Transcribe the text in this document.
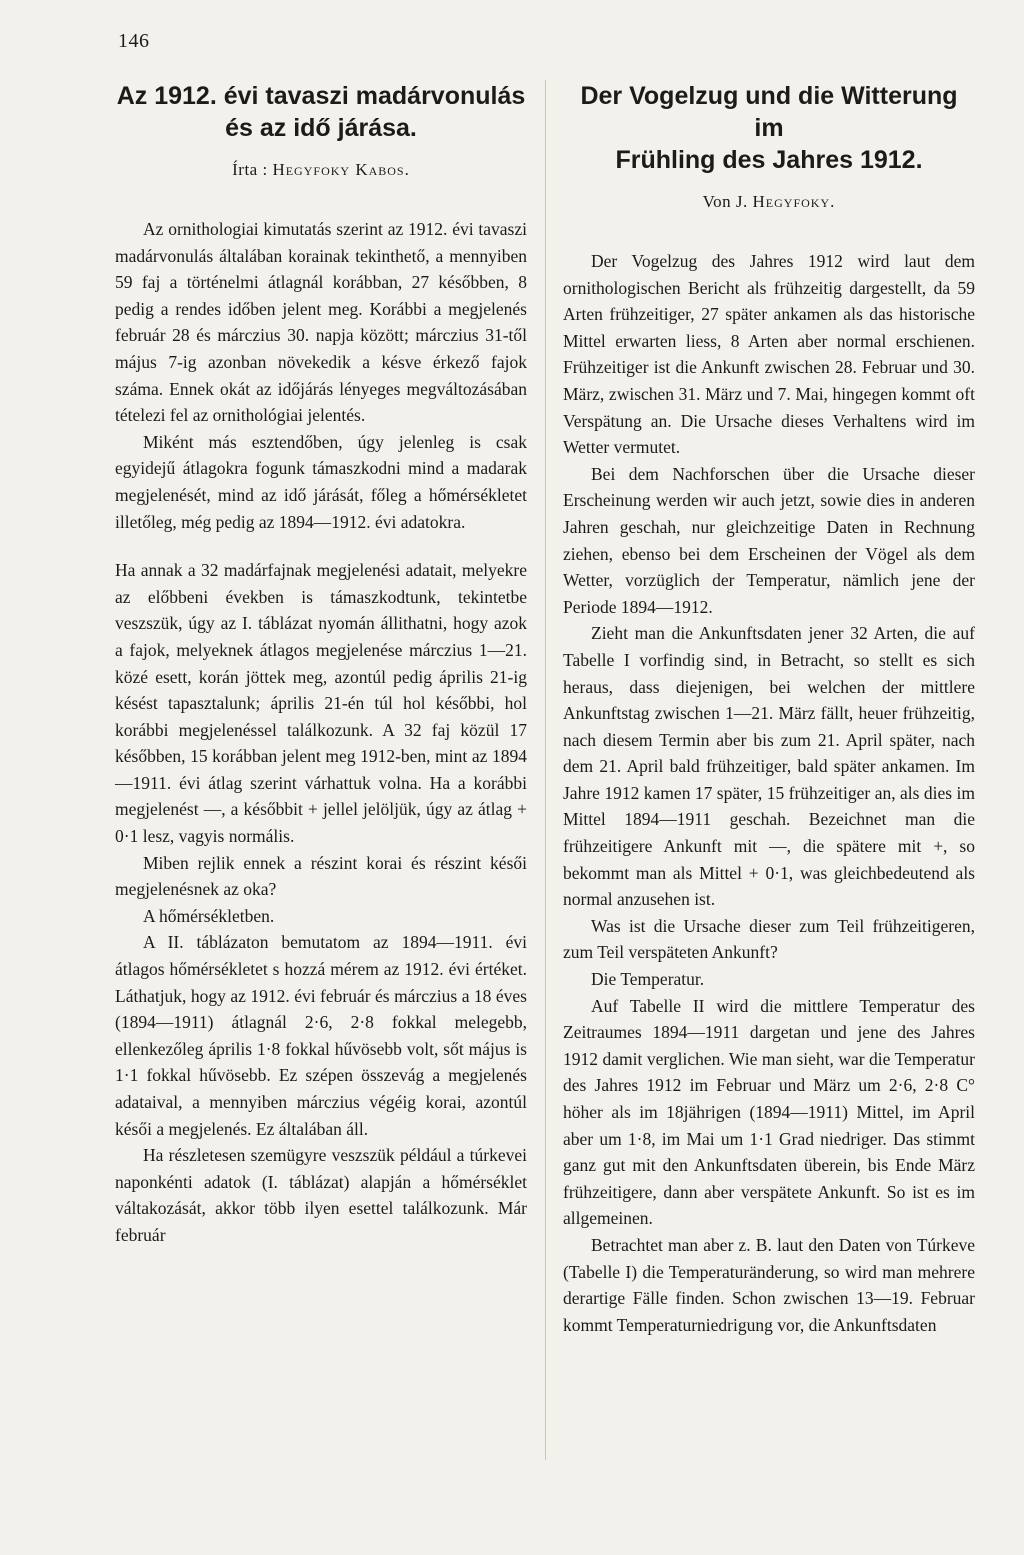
146
Az 1912. évi tavaszi madárvonulás
és az idő járása.
Írta : Hegyfoky Kabos.

Az ornithologiai kimutatás szerint az 1912. évi tavaszi madárvonulás általában korainak tekinthető, a mennyiben 59 faj a történelmi átlagnál korábban, 27 későbben, 8 pedig a rendes időben jelent meg. Korábbi a megjelenés február 28 és márczius 30. napja között; márczius 31-től május 7-ig azonban növekedik a késve érkező fajok száma. Ennek okát az időjárás lényeges megváltozásában tételezi fel az ornithológiai jelentés.

Miként más esztendőben, úgy jelenleg is csak egyidejű átlagokra fogunk támaszkodni mind a madarak megjelenését, mind az idő járását, főleg a hőmérsékletet illetőleg, még pedig az 1894—1912. évi adatokra.

Ha annak a 32 madárfajnak megjelenési adatait, melyekre az előbbeni években is támaszkodtunk, tekintetbe veszszük, úgy az I. táblázat nyomán állithatni, hogy azok a fajok, melyeknek átlagos megjelenése márczius 1—21. közé esett, korán jöttek meg, azontúl pedig április 21-ig késést tapasztalunk; április 21-én túl hol későbbi, hol korábbi megjelenéssel találkozunk. A 32 faj közül 17 későbben, 15 korábban jelent meg 1912-ben, mint az 1894—1911. évi átlag szerint várhattuk volna. Ha a korábbi megjelenést —, a későbbit + jellel jelöljük, úgy az átlag + 0·1 lesz, vagyis normális.

Miben rejlik ennek a részint korai és részint késői megjelenésnek az oka?

A hőmérsékletben.

A II. táblázaton bemutatom az 1894—1911. évi átlagos hőmérsékletet s hozzá mérem az 1912. évi értéket. Láthatjuk, hogy az 1912. évi február és márczius a 18 éves (1894—1911) átlagnál 2·6, 2·8 fokkal melegebb, ellenkezőleg április 1·8 fokkal hűvösebb volt, sőt május is 1·1 fokkal hűvösebb. Ez szépen összevág a megjelenés adataival, a mennyiben márczius végéig korai, azontúl késői a megjelenés. Ez általában áll.

Ha részletesen szemügyre veszszük például a túrkevei naponkénti adatok (I. táblázat) alapján a hőmérséklet váltakozását, akkor több ilyen esettel találkozunk. Már február

Der Vogelzug und die Witterung im
Frühling des Jahres 1912.
Von J. Hegyfoky.

Der Vogelzug des Jahres 1912 wird laut dem ornithologischen Bericht als frühzeitig dargestellt, da 59 Arten frühzeitiger, 27 später ankamen als das historische Mittel erwarten liess, 8 Arten aber normal erschienen. Frühzeitiger ist die Ankunft zwischen 28. Februar und 30. März, zwischen 31. März und 7. Mai, hingegen kommt oft Verspätung an. Die Ursache dieses Verhaltens wird im Wetter vermutet.

Bei dem Nachforschen über die Ursache dieser Erscheinung werden wir auch jetzt, sowie dies in anderen Jahren geschah, nur gleichzeitige Daten in Rechnung ziehen, ebenso bei dem Erscheinen der Vögel als dem Wetter, vorzüglich der Temperatur, nämlich jene der Periode 1894—1912.

Zieht man die Ankunftsdaten jener 32 Arten, die auf Tabelle I vorfindig sind, in Betracht, so stellt es sich heraus, dass diejenigen, bei welchen der mittlere Ankunftstag zwischen 1—21. März fällt, heuer frühzeitig, nach diesem Termin aber bis zum 21. April später, nach dem 21. April bald frühzeitiger, bald später ankamen. Im Jahre 1912 kamen 17 später, 15 frühzeitiger an, als dies im Mittel 1894—1911 geschah. Bezeichnet man die frühzeitigere Ankunft mit —, die spätere mit +, so bekommt man als Mittel + 0·1, was gleichbedeutend als normal anzusehen ist.

Was ist die Ursache dieser zum Teil frühzeitigeren, zum Teil verspäteten Ankunft?

Die Temperatur.

Auf Tabelle II wird die mittlere Temperatur des Zeitraumes 1894—1911 dargetan und jene des Jahres 1912 damit verglichen. Wie man sieht, war die Temperatur des Jahres 1912 im Februar und März um 2·6, 2·8 C° höher als im 18jährigen (1894—1911) Mittel, im April aber um 1·8, im Mai um 1·1 Grad niedriger. Das stimmt ganz gut mit den Ankunftsdaten überein, bis Ende März frühzeitigere, dann aber verspätete Ankunft. So ist es im allgemeinen.

Betrachtet man aber z. B. laut den Daten von Túrkeve (Tabelle I) die Temperaturänderung, so wird man mehrere derartige Fälle finden. Schon zwischen 13—19. Februar kommt Temperaturniedrigung vor, die Ankunftsdaten
